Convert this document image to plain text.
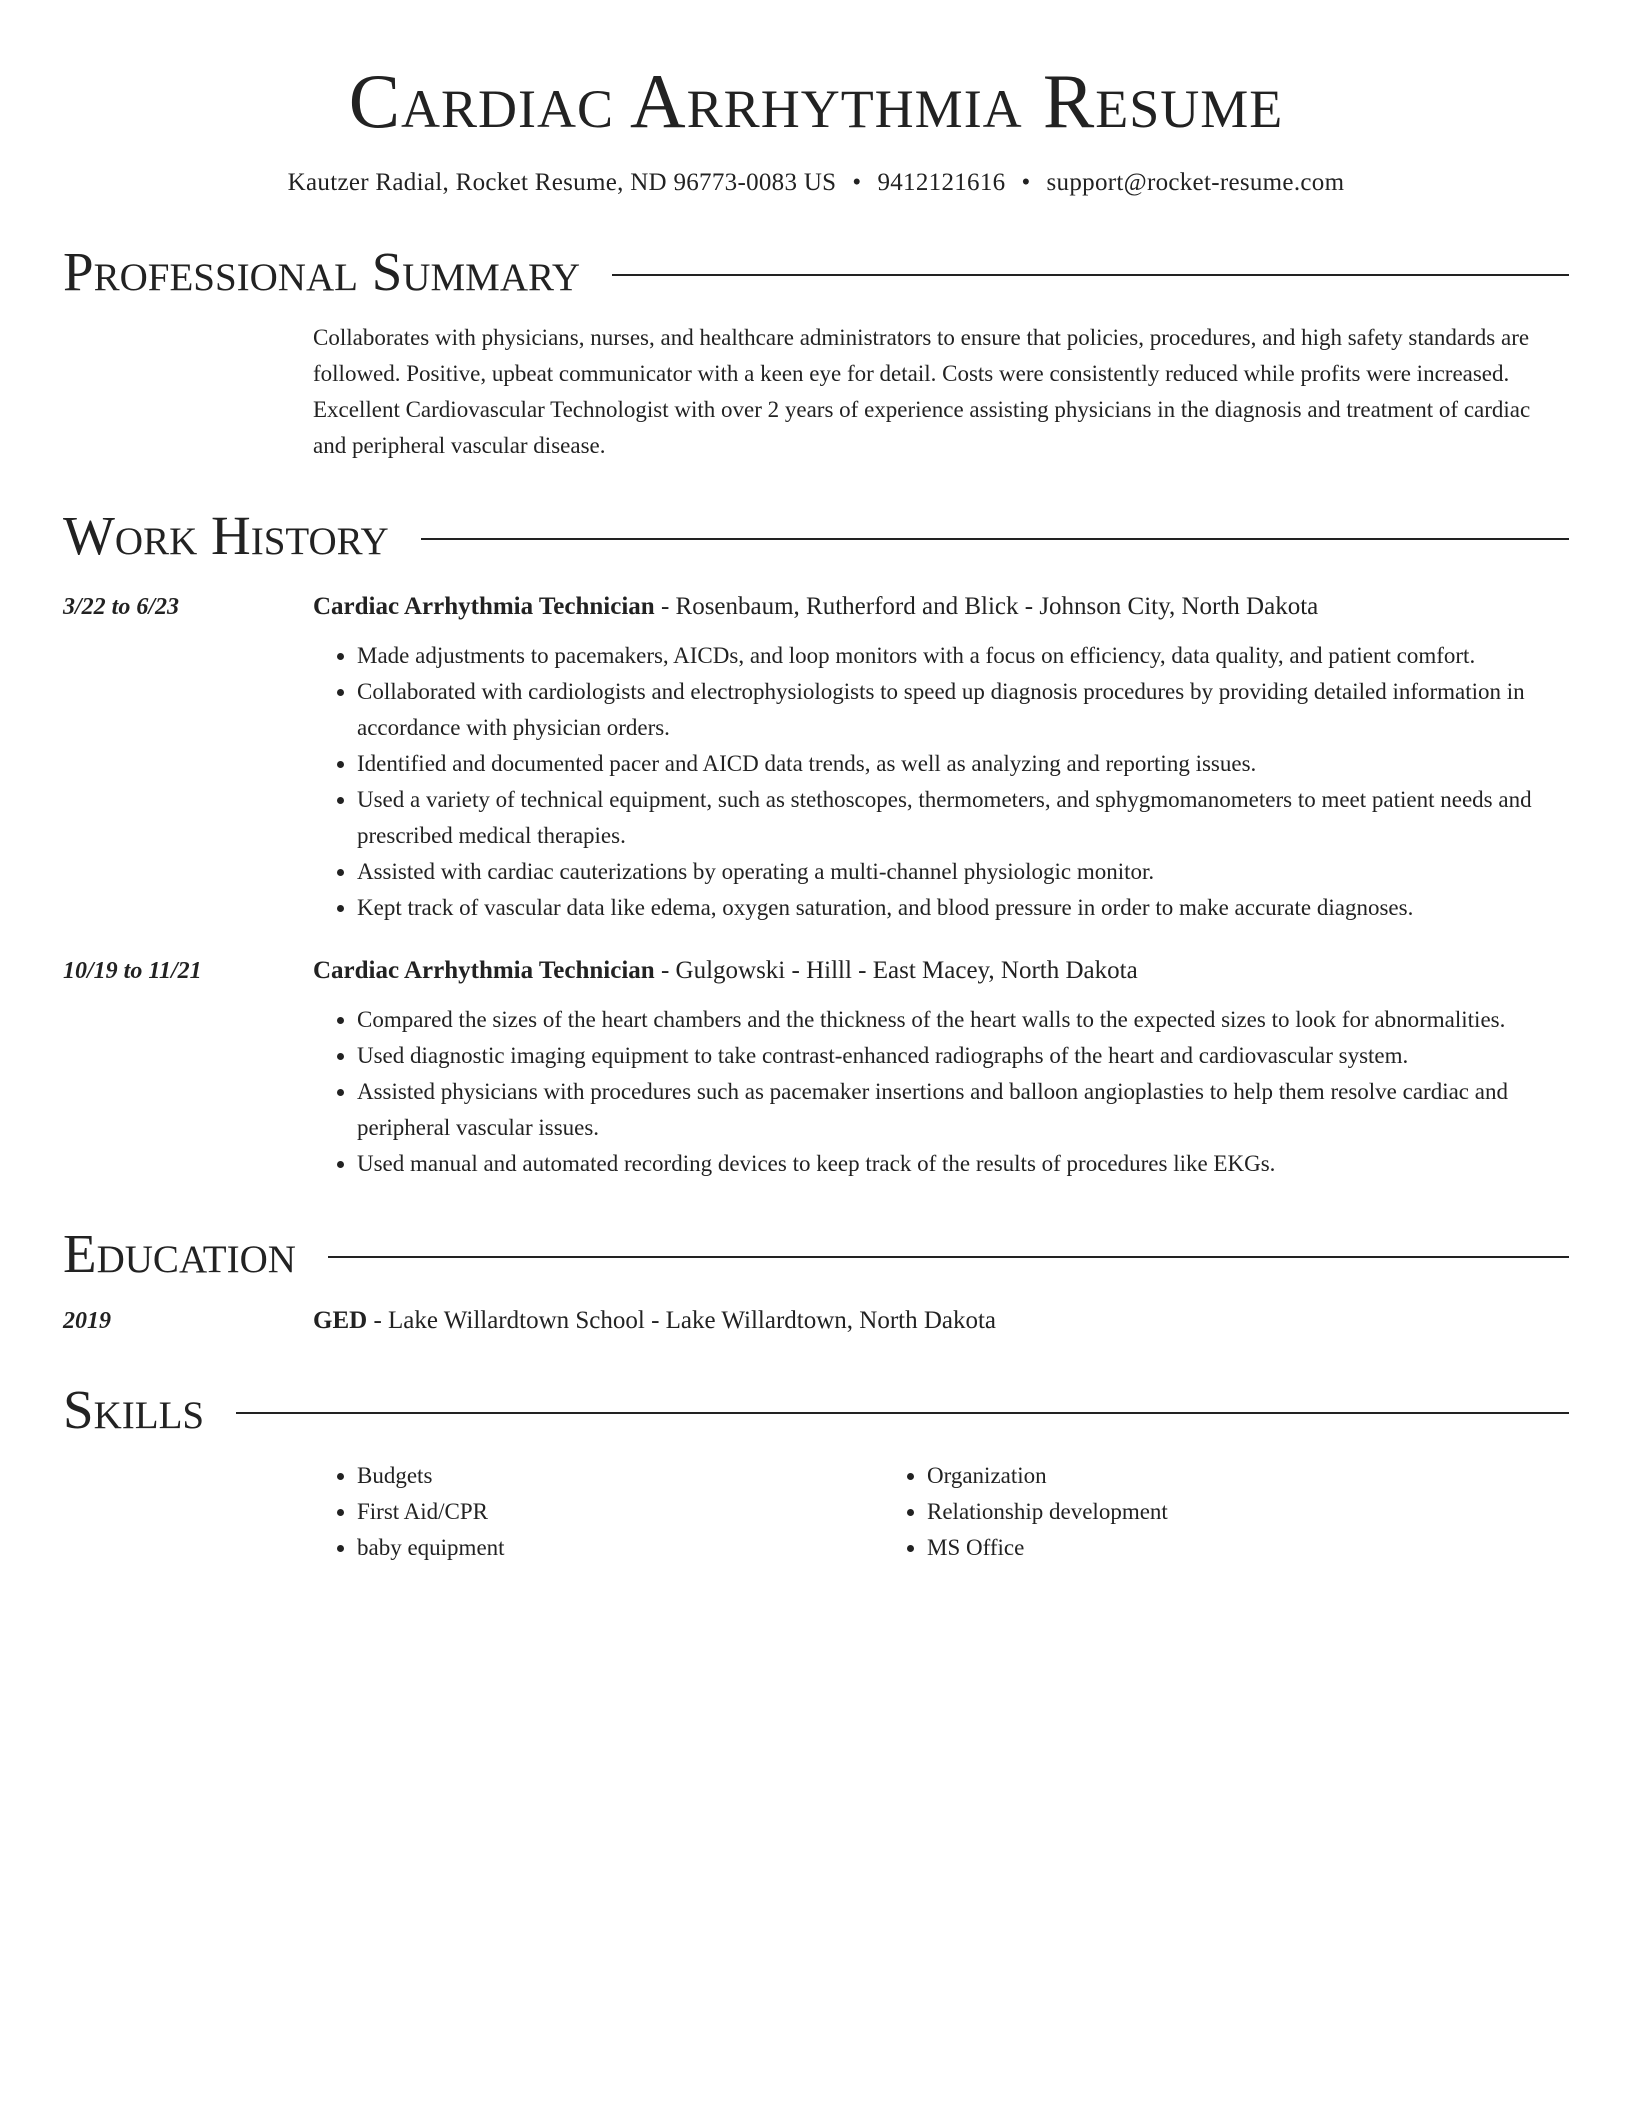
Cardiac Arrhythmia Resume
Kautzer Radial, Rocket Resume, ND 96773-0083 US • 9412121616 • support@rocket-resume.com
Professional Summary
Collaborates with physicians, nurses, and healthcare administrators to ensure that policies, procedures, and high safety standards are followed. Positive, upbeat communicator with a keen eye for detail. Costs were consistently reduced while profits were increased. Excellent Cardiovascular Technologist with over 2 years of experience assisting physicians in the diagnosis and treatment of cardiac and peripheral vascular disease.
Work History
3/22 to 6/23	Cardiac Arrhythmia Technician - Rosenbaum, Rutherford and Blick - Johnson City, North Dakota
• Made adjustments to pacemakers, AICDs, and loop monitors with a focus on efficiency, data quality, and patient comfort.
• Collaborated with cardiologists and electrophysiologists to speed up diagnosis procedures by providing detailed information in accordance with physician orders.
• Identified and documented pacer and AICD data trends, as well as analyzing and reporting issues.
• Used a variety of technical equipment, such as stethoscopes, thermometers, and sphygmomanometers to meet patient needs and prescribed medical therapies.
• Assisted with cardiac cauterizations by operating a multi-channel physiologic monitor.
• Kept track of vascular data like edema, oxygen saturation, and blood pressure in order to make accurate diagnoses.
10/19 to 11/21	Cardiac Arrhythmia Technician - Gulgowski - Hilll - East Macey, North Dakota
• Compared the sizes of the heart chambers and the thickness of the heart walls to the expected sizes to look for abnormalities.
• Used diagnostic imaging equipment to take contrast-enhanced radiographs of the heart and cardiovascular system.
• Assisted physicians with procedures such as pacemaker insertions and balloon angioplasties to help them resolve cardiac and peripheral vascular issues.
• Used manual and automated recording devices to keep track of the results of procedures like EKGs.
Education
2019	GED - Lake Willardtown School - Lake Willardtown, North Dakota
Skills
• Budgets
• First Aid/CPR
• baby equipment
• Organization
• Relationship development
• MS Office
